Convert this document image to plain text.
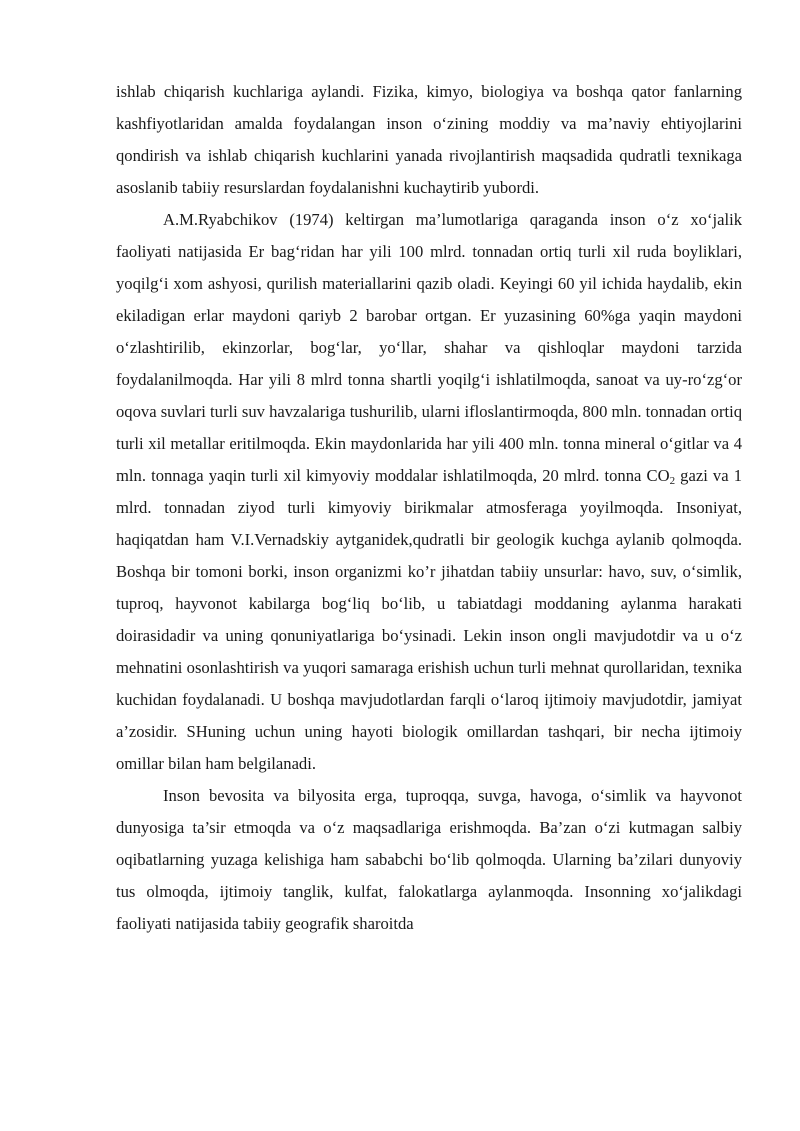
ishlab chiqarish kuchlariga aylandi. Fizika, kimyo, biologiya va boshqa qator fanlarning kashfiyotlaridan amalda foydalangan inson o‘zining moddiy va ma’naviy ehtiyojlarini qondirish va ishlab chiqarish kuchlarini yanada rivojlantirish maqsadida qudratli texnikaga asoslanib tabiiy resurslardan foydalanishni kuchaytirib yubordi.

A.M.Ryabchikov (1974) keltirgan ma’lumotlariga qaraganda inson o‘z xo‘jalik faoliyati natijasida Er bag‘ridan har yili 100 mlrd. tonnadan ortiq turli xil ruda boyliklari, yoqilg‘i xom ashyosi, qurilish materiallarini qazib oladi. Keyingi 60 yil ichida haydalib, ekin ekiladigan erlar maydoni qariyb 2 barobar ortgan. Er yuzasining 60%ga yaqin maydoni o‘zlashtirilib, ekinzorlar, bog‘lar, yo‘llar, shahar va qishloqlar maydoni tarzida foydalanilmoqda. Har yili 8 mlrd tonna shartli yoqilg‘i ishlatilmoqda, sanoat va uy-ro‘zg‘or oqova suvlari turli suv havzalariga tushurilib, ularni ifloslantirmoqda, 800 mln. tonnadan ortiq turli xil metallar eritilmoqda. Ekin maydonlarida har yili 400 mln. tonna mineral o‘gitlar va 4 mln. tonnaga yaqin turli xil kimyoviy moddalar ishlatilmoqda, 20 mlrd. tonna $CO_2$ gazi va 1 mlrd. tonnadan ziyod turli kimyoviy birikmalar atmosferaga yoyilmoqda. Insoniyat, haqiqatdan ham V.I.Vernadskiy aytganidek,qudratli bir geologik kuchga aylanib qolmoqda. Boshqa bir tomoni borki, inson organizmi ko’r jihatdan tabiiy unsurlar: havo, suv, o‘simlik, tuproq, hayvonot kabilarga bog‘liq bo‘lib, u tabiatdagi moddaning aylanma harakati doirasidadir va uning qonuniyatlariga bo‘ysinadi. Lekin inson ongli mavjudotdir va u o‘z mehnatini osonlashtirish va yuqori samaraga erishish uchun turli mehnat qurollaridan, texnika kuchidan foydalanadi. U boshqa mavjudotlardan farqli o‘laroq ijtimoiy mavjudotdir, jamiyat a’zosidir. SHuning uchun uning hayoti biologik omillardan tashqari, bir necha ijtimoiy omillar bilan ham belgilanadi.

Inson bevosita va bilyosita erga, tuproqqa, suvga, havoga, o‘simlik va hayvonot dunyosiga ta’sir etmoqda va o‘z maqsadlariga erishmoqda. Ba’zan o‘zi kutmagan salbiy oqibatlarning yuzaga kelishiga ham sababchi bo‘lib qolmoqda. Ularning ba’zilari dunyoviy tus olmoqda, ijtimoiy tanglik, kulfat, falokatlarga aylanmoqda. Insonning xo‘jalikdagi faoliyati natijasida tabiiy geografik sharoitda
